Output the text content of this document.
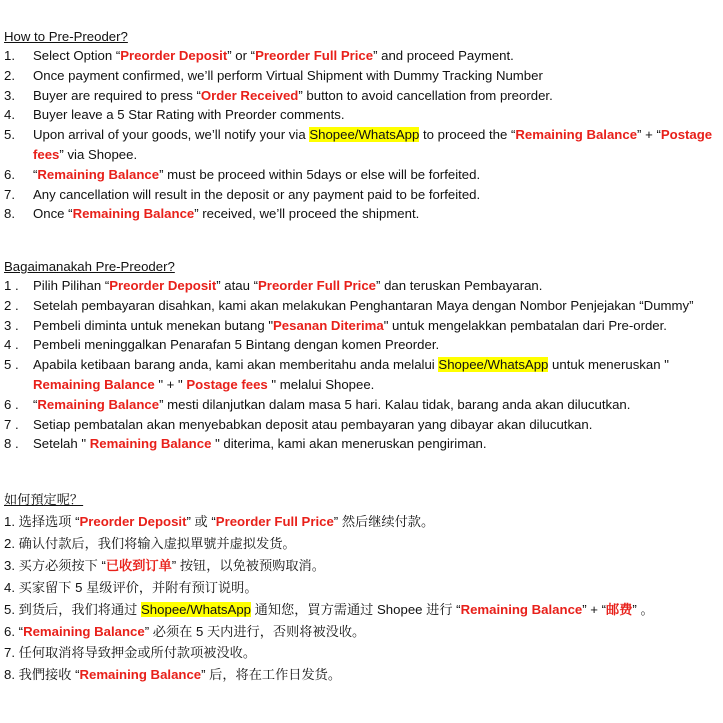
How to Pre-Preoder?
1.	Select Option “Preorder Deposit” or “Preorder Full Price” and proceed Payment.
2.	Once payment confirmed, we’ll perform Virtual Shipment with Dummy Tracking Number
3.	Buyer are required to press “Order Received” button to avoid cancellation from preorder.
4.	Buyer leave a 5 Star Rating with Preorder comments.
5.	Upon arrival of your goods, we’ll notify your via Shopee/WhatsApp to proceed the “Remaining Balance” + “Postage fees” via Shopee.
6.	“Remaining Balance” must be proceed within 5days or else will be forfeited.
7.	Any cancellation will result in the deposit or any payment paid to be forfeited.
8.	Once “Remaining Balance” received, we’ll proceed the shipment.
Bagaimanakah Pre-Preoder?
1 .	Pilih Pilihan “Preorder Deposit” atau “Preorder Full Price” dan teruskan Pembayaran.
2 .	Setelah pembayaran disahkan, kami akan melakukan Penghantaran Maya dengan Nombor Penjejakan “Dummy”
3 .	Pembeli diminta untuk menekan butang "Pesanan Diterima" untuk mengelakkan pembatalan dari Pre-order.
4 .	Pembeli meninggalkan Penarafan 5 Bintang dengan komen Preorder.
5 .	Apabila ketibaan barang anda, kami akan memberitahu anda melalui Shopee/WhatsApp untuk meneruskan " Remaining Balance " + " Postage fees " melalui Shopee.
6 .	“Remaining Balance” mesti dilanjutkan dalam masa 5 hari. Kalau tidak, barang anda akan dilucutkan.
7 .	Setiap pembatalan akan menyebabkan deposit atau pembayaran yang dibayar akan dilucutkan.
8 .	Setelah " Remaining Balance " diterima, kami akan meneruskan pengiriman.
如何預定呢？
1. 选择选项 “Preorder Deposit” 或 “Preorder Full Price” 然后继续付款。
2. 确认付款后，我们将输入虚拟單號并虚拟发货。
3. 买方必须按下 “已收到订单” 按钮，以免被预购取消。
4. 买家留下 5 星级评价，并附有预订说明。
5. 到货后，我们将通过 Shopee/WhatsApp 通知您，買方需通过 Shopee 进行 “Remaining Balance” + “邮费” 。
6. “Remaining Balance” 必须在 5 天内进行，否则将被没收。
7. 任何取消将导致押金或所付款项被没收。
8. 我們接收 “Remaining Balance” 后，将在工作日发货。
